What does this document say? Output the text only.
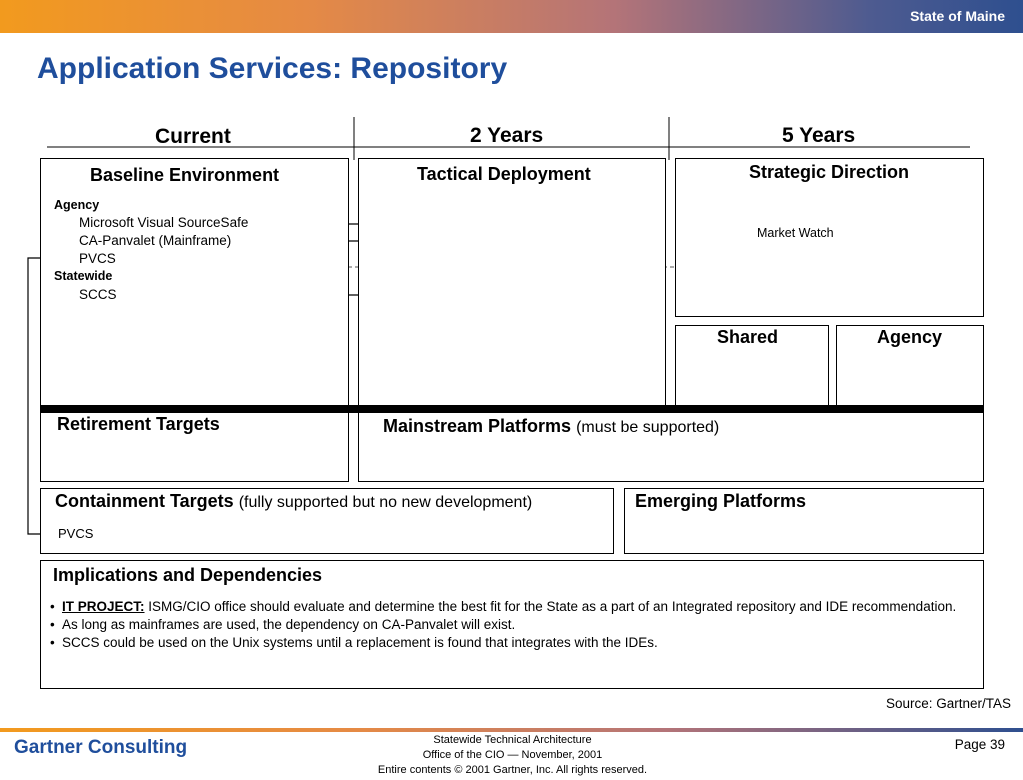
State of Maine
Application Services: Repository
Current	2 Years	5 Years
Baseline Environment
Agency
Microsoft Visual SourceSafe
CA-Panvalet (Mainframe)
PVCS
Statewide
SCCS
Tactical Deployment	Strategic Direction
Market Watch
Shared	Agency
Retirement Targets	Mainstream Platforms (must be supported)
Containment Targets (fully supported but no new development)
PVCS
Emerging Platforms
Implications and Dependencies
• IT PROJECT: ISMG/CIO office should evaluate and determine the best fit for the State as a part of an Integrated repository and IDE recommendation.
• As long as mainframes are used, the dependency on CA-Panvalet will exist.
• SCCS could be used on the Unix systems until a replacement is found that integrates with the IDEs.
Source: Gartner/TAS
Gartner Consulting	Statewide Technical Architecture
Office of the CIO — November, 2001
Entire contents © 2001 Gartner, Inc. All rights reserved.
Page 39
